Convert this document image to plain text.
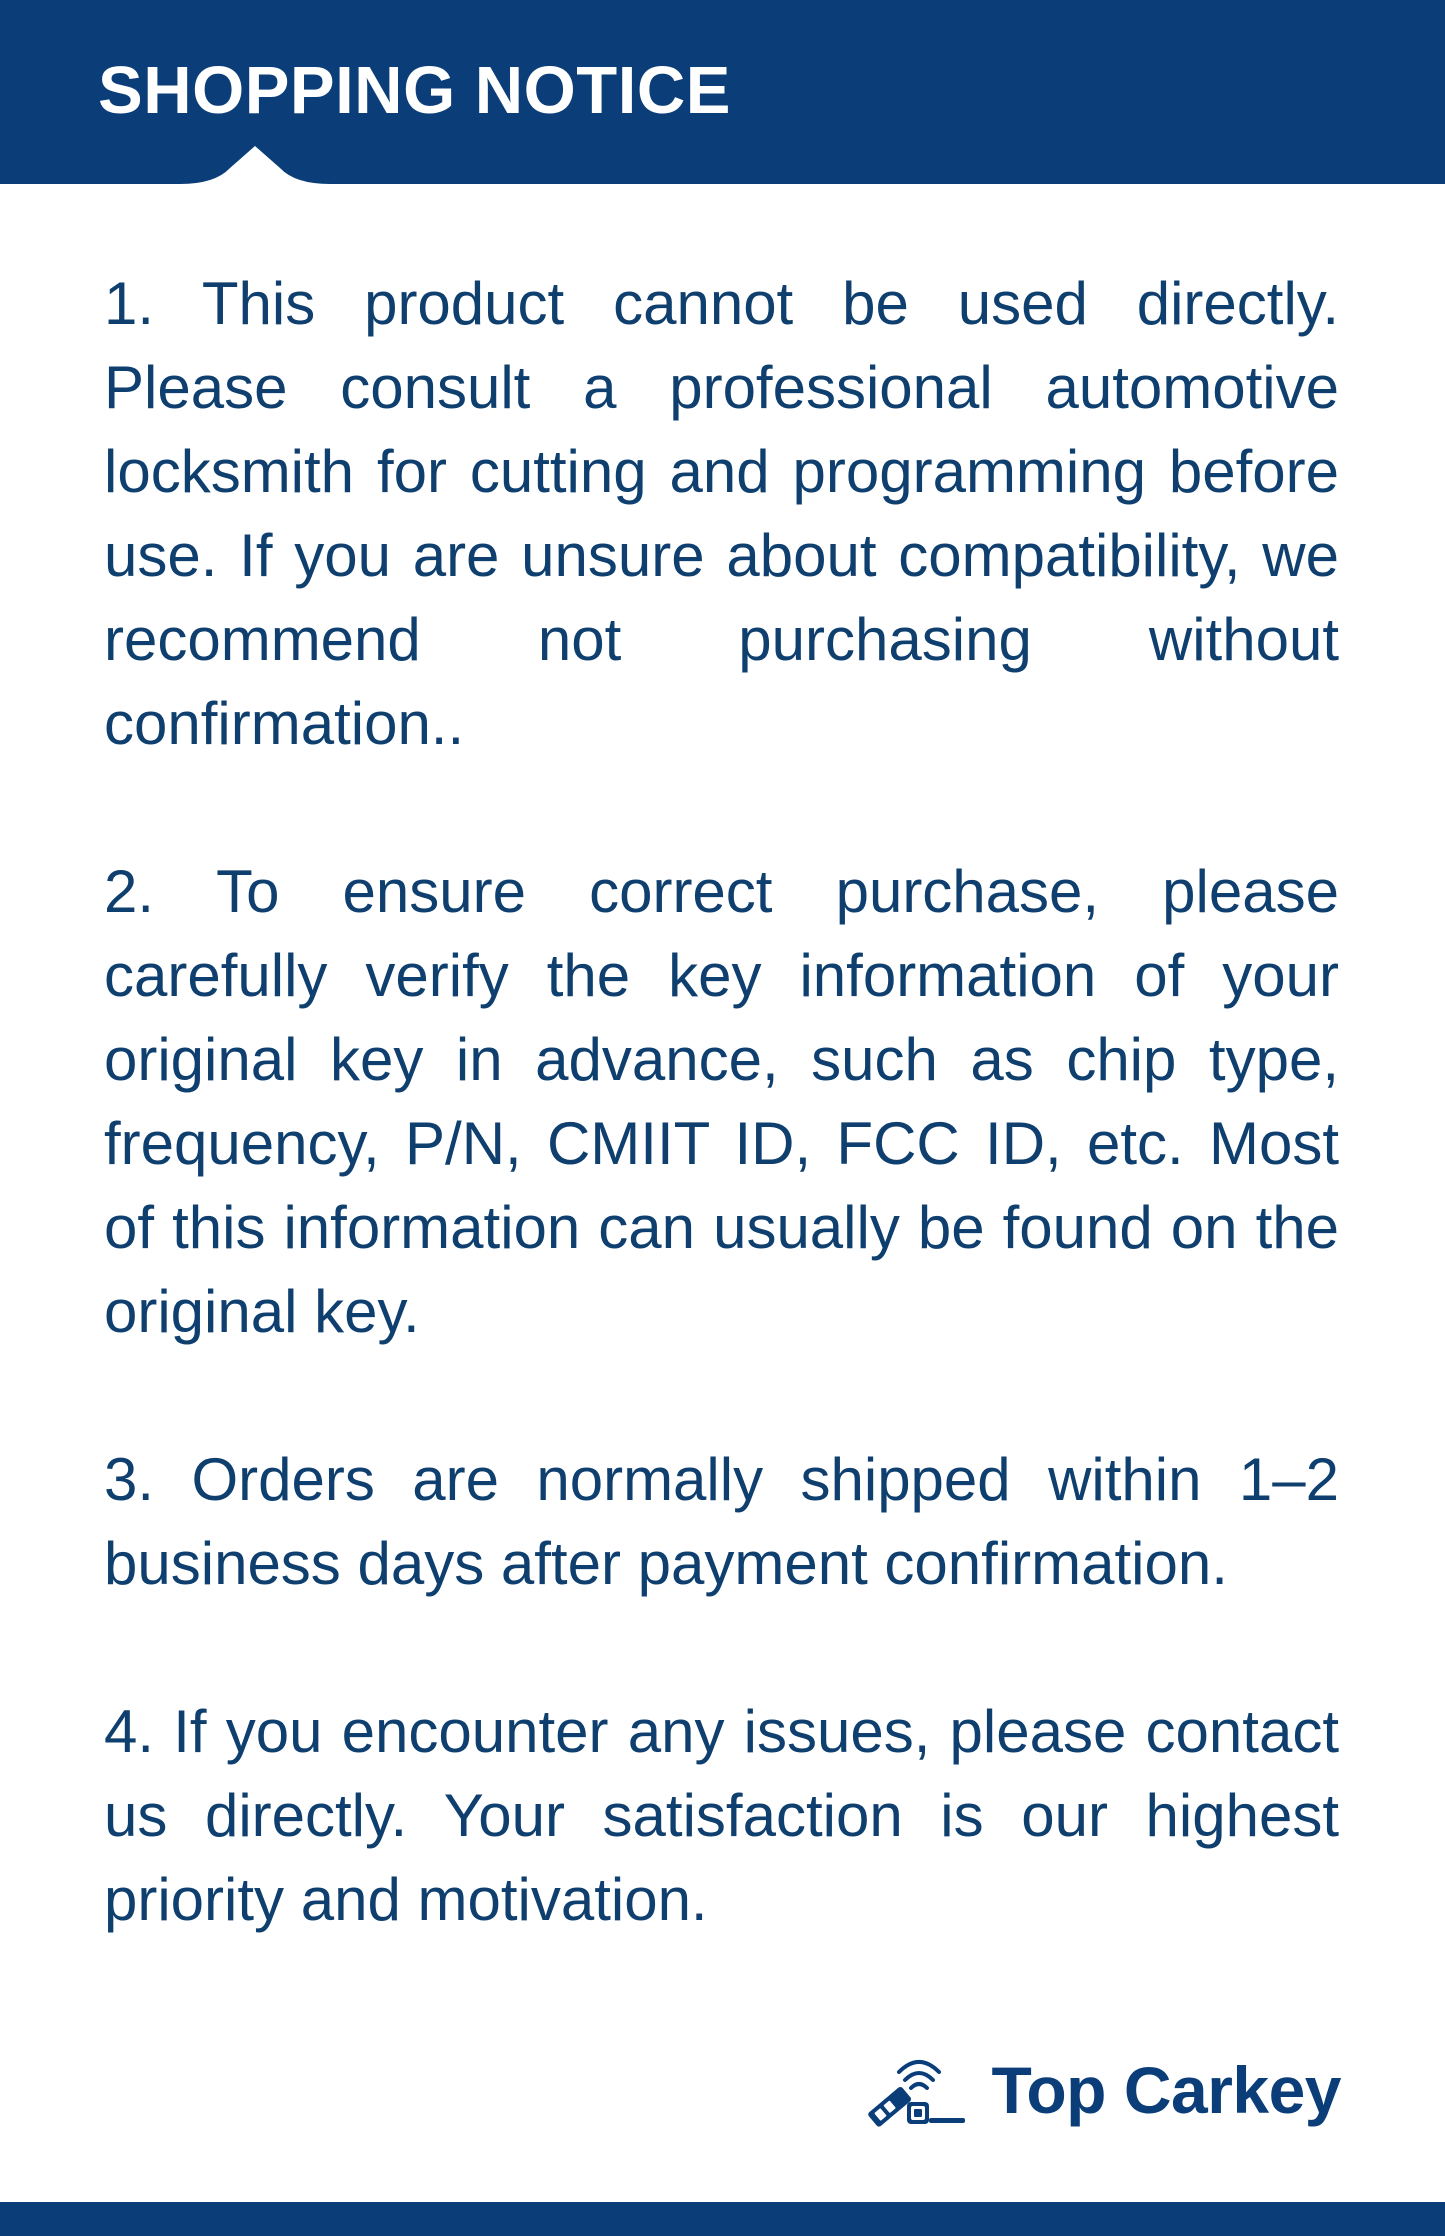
SHOPPING NOTICE

1. This product cannot be used directly. Please consult a professional automotive locksmith for cutting and programming before use. If you are unsure about compatibility, we recommend not purchasing without confirmation..

2. To ensure correct purchase, please carefully verify the key information of your original key in advance, such as chip type, frequency, P/N, CMIIT ID, FCC ID, etc. Most of this information can usually be found on the original key.

3. Orders are normally shipped within 1–2 business days after payment confirmation.

4. If you encounter any issues, please contact us directly. Your satisfaction is our highest priority and motivation.

Top Carkey
